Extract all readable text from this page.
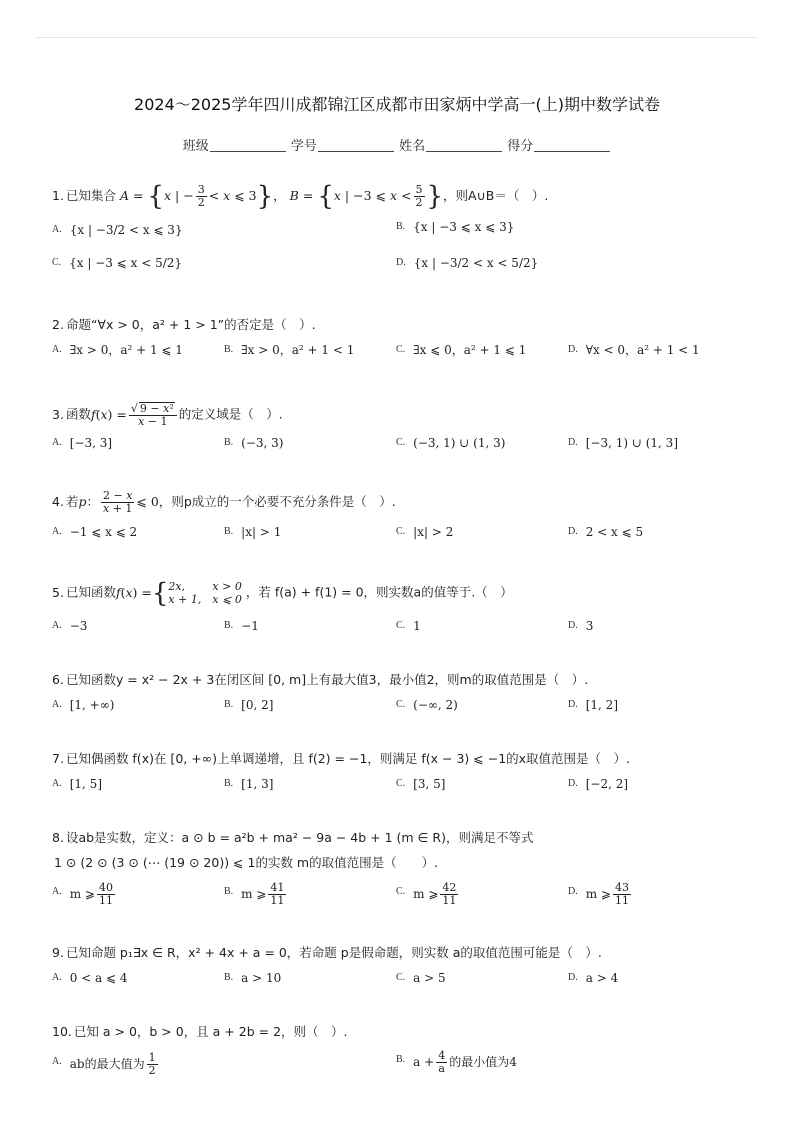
2024～2025学年四川成都锦江区成都市田家炳中学高一(上)期中数学试卷
班级	学号	姓名	得分
1. 已知集合 A = {x | − $\frac{3}{2} < x$ ⩽ 3}， B = {x | −3 ⩽ $x < \frac{5}{2}$ }，则A∪B＝（　）.
$^{A.}$ {x | −3/2 < x ⩽ 3}	$^{B.}$ {x | −3 ⩽ x ⩽ 3}
$^{C.}$ {x | −3 ⩽ x < 5/2}	$^{D.}$ {x | −3/2 < x < 5/2}
2. 命题“∀x > 0，a² + 1 > 1”的否定是（　）.
$^{A.}$ ∃x > 0，a² + 1 ⩽ 1	$^{B.}$ ∃x > 0，a² + 1 < 1	$^{C.}$ ∃x ⩽ 0，a² + 1 ⩽ 1	$^{D.}$ ∀x < 0，a² + 1 < 1
3. 函数$f(x) = \frac{\text{√ 9 − x²}}{x - 1}$ 的定义域是（　）.
$^{A.}$ [−3, 3]	$^{B.}$ (−3, 3)	$^{C.}$ (−3, 1) ∪ (1, 3)	$^{D.}$ [−3, 1) ∪ (1, 3]
4. 若p： $\frac{2 - x}{x + 1}$ ⩽ 0，则p成立的一个必要不充分条件是（　）.
$^{A.}$ −1 ⩽ x ⩽ 2	$^{B.}$ |x| > 1	$^{C.}$ |x| > 2	$^{D.}$ 2 < x ⩽ 5
5. 已知函数f(x) ={ 2x, x > 0
x + 1, x ⩽ 0 ，若 f(a) + f(1) = 0，则实数a的值等于.（　）
$^{A.}$ −3	$^{B.}$ −1	$^{C.}$ 1	$^{D.}$ 3
6. 已知函数y = x² − 2x + 3在闭区间 [0, m]上有最大值3，最小值2，则m的取值范围是（　）.
$^{A.}$ [1, +∞)	$^{B.}$ [0, 2]	$^{C.}$ (−∞, 2)	$^{D.}$ [1, 2]
7. 已知偶函数 f(x)在 [0, +∞)上单调递增，且 f(2) = −1，则满足 f(x − 3) ⩽ −1的x取值范围是（　）.
$^{A.}$ [1, 5]	$^{B.}$ [1, 3]	$^{C.}$ [3, 5]	$^{D.}$ [−2, 2]
8. 设ab是实数，定义：a ⊙ b = a²b + ma² − 9a − 4b + 1 (m ∈ R)，则满足不等式
1 ⊙ (2 ⊙ (3 ⊙ (⋯ (19 ⊙ 20)) ⩽ 1的实数 m的取值范围是（　　）.
$^{A.}$ m ⩾ $\frac{40}{11}$	$^{B.}$ m ⩾ $\frac{41}{11}$	$^{C.}$ m ⩾ $\frac{42}{11}$	$^{D.}$ m ⩾ $\frac{43}{11}$
9. 已知命题 p₁∃x ∈ R，x² + 4x + a = 0，若命题 p是假命题，则实数 a的取值范围可能是（　）.
$^{A.}$ 0 < a ⩽ 4	$^{B.}$ a > 10	$^{C.}$ a > 5	$^{D.}$ a > 4
10. 已知 a > 0，b > 0，且 a + 2b = 2，则（　）.
$^{A.}$ ab的最大值为 $\frac{1}{2}$	$^{B.}$ $a + \frac{4}{a}$ 的最小值为4
